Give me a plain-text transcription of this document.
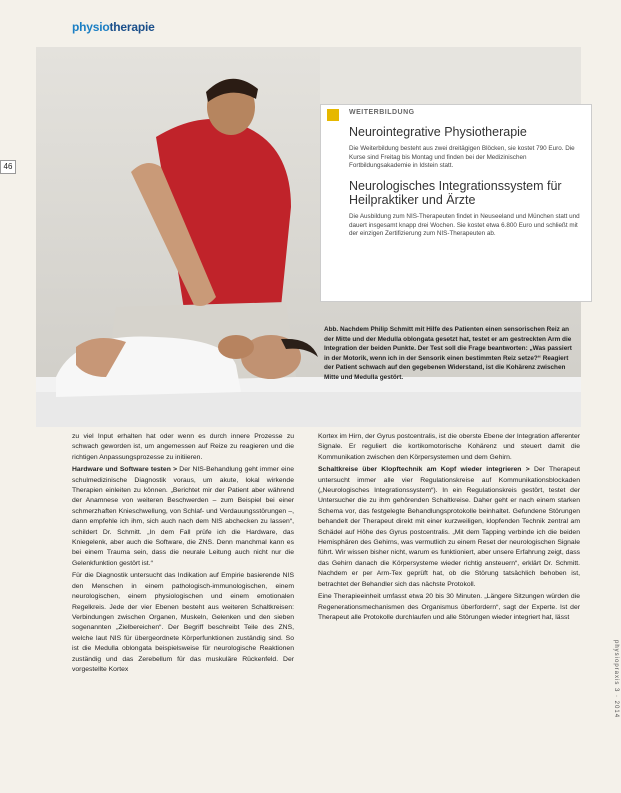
physiotherapie
46
WEITERBILDUNG
Neurointegrative Physiotherapie

Die Weiterbildung besteht aus zwei dreitägigen Blöcken, sie kostet 790 Euro. Die Kurse sind Freitag bis Montag und finden bei der Medizinischen Fortbildungsakademie in Idstein statt.

Neurologisches Integrationssystem für Heilpraktiker und Ärzte

Die Ausbildung zum NIS-Therapeuten findet in Neuseeland und München statt und dauert insgesamt knapp drei Wochen. Sie kostet etwa 6.800 Euro und schließt mit der einzigen Zertifizierung zum NIS-Therapeuten ab.

Abb. Nachdem Philip Schmitt mit Hilfe des Patienten einen sensorischen Reiz an der Mitte und der Medulla oblongata gesetzt hat, testet er am gestreckten Arm die Integration der beiden Punkte. Der Test soll die Frage beantworten: „Was passiert in der Motorik, wenn ich in der Sensorik einen bestimmten Reiz setze?“ Reagiert der Patient schwach auf den gegebenen Widerstand, ist die Kohärenz zwischen Mitte und Medulla gestört.

zu viel Input erhalten hat oder wenn es durch innere Prozesse zu schwach geworden ist, um angemessen auf Reize zu reagieren und die richtigen Anpassungsprozesse zu initiieren.

Hardware und Software testen > Der NIS-Behandlung geht immer eine schulmedizinische Diagnostik voraus, um akute, lokal wirkende Therapien einleiten zu können. „Berichtet mir der Patient aber während der Anamnese von weiteren Beschwerden – zum Beispiel bei einer schmerzhaften Knieschwellung, von Schlaf- und Verdauungsstörungen –, dann empfehle ich ihm, sich auch nach dem NIS abchecken zu lassen“, schildert Dr. Schmitt. „In dem Fall prüfe ich die Hardware, das Kniegelenk, aber auch die Software, die ZNS. Denn manchmal kann es bei einem Trauma sein, dass die neurale Leitung auch nicht nur die Gelenkfunktion gestört ist.“

Für die Diagnostik untersucht das Indikation auf Empirie basierende NIS den Menschen in einem pathologisch-immunologischen, einem neurologischen, einem physiologischen und einem emotionalen Regelkreis. Jede der vier Ebenen besteht aus weiteren Schaltkreisen: Verbindungen zwischen Organen, Muskeln, Gelenken und den sieben sogenannten „Zielbereichen“. Der Begriff beschreibt Teile des ZNS, welche laut NIS für übergeordnete Körperfunktionen zuständig sind. So ist die Medulla oblongata beispielsweise für neurologische Reaktionen zuständig und das Zerebellum für das muskuläre Rückenfeld. Der vorgestellte Kortex

Kortex im Hirn, der Gyrus postcentralis, ist die oberste Ebene der Integration afferenter Signale. Er reguliert die kortikomotorische Kohärenz und steuert damit die Kommunikation zwischen den Körpersystemen und dem Gehirn.

Schaltkreise über Klopftechnik am Kopf wieder integrieren > Der Therapeut untersucht immer alle vier Regulationskreise auf Kommunikationsblockaden („Neurologisches Integrationssystem“). In ein Regulationskreis gestört, testet der Untersucher die zu ihm gehörenden Schaltkreise. Daher geht er nach einem starken Schema vor, das festgelegte Behandlungsprotokolle beinhaltet. Gefundene Störungen behandelt der Therapeut direkt mit einer kurzweiligen, klopfenden Technik zentral am Schädel auf Höhe des Gyrus postcentralis. „Mit dem Tapping verbinde ich die beiden Hemisphären des Gehirns, was vermutlich zu einem Reset der neurologischen Signale führt. Wir wissen bisher nicht, warum es funktioniert, aber unsere Erfahrung zeigt, dass das Gehirn danach die Körpersysteme wieder richtig ansteuern“, erklärt Dr. Schmitt. Nachdem er per Arm-Tex geprüft hat, ob die Störung tatsächlich behoben ist, betrachtet der Behandler sich das nächste Protokoll.

Eine Therapieeinheit umfasst etwa 20 bis 30 Minuten. „Längere Sitzungen würden die Regenerationsmechanismen des Organismus überfordern“, sagt der Experte. Ist der Therapeut alle Protokolle durchlaufen und alle Störungen wieder integriert hat, lässt

physiopraxis 3 · 2014
